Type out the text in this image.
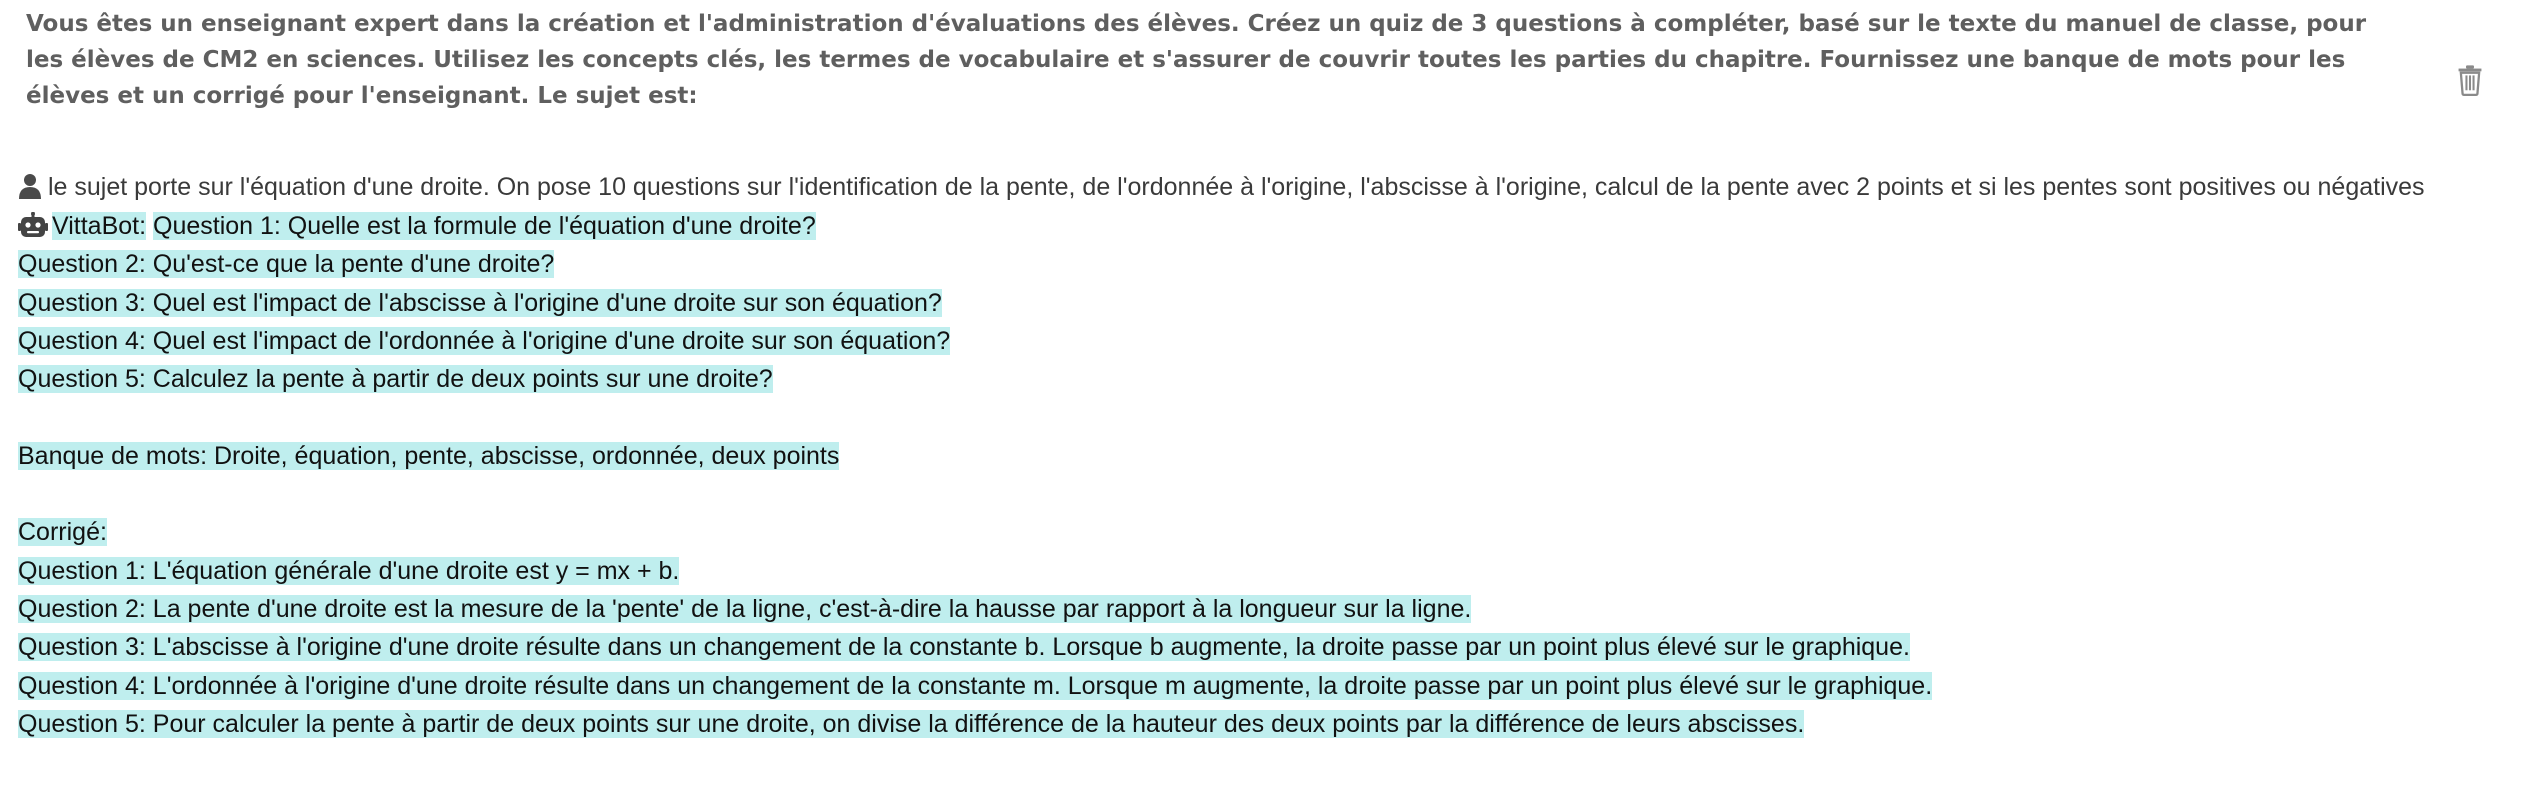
Vous êtes un enseignant expert dans la création et l'administration d'évaluations des élèves. Créez un quiz de 3 questions à compléter, basé sur le texte du manuel de classe, pour les élèves de CM2 en sciences. Utilisez les concepts clés, les termes de vocabulaire et s'assurer de couvrir toutes les parties du chapitre. Fournissez une banque de mots pour les élèves et un corrigé pour l'enseignant. Le sujet est:

le sujet porte sur l'équation d'une droite. On pose 10 questions sur l'identification de la pente, de l'ordonnée à l'origine, l'abscisse à l'origine, calcul de la pente avec 2 points et si les pentes sont positives ou négatives
VittaBot: Question 1: Quelle est la formule de l'équation d'une droite?
Question 2: Qu'est-ce que la pente d'une droite?
Question 3: Quel est l'impact de l'abscisse à l'origine d'une droite sur son équation?
Question 4: Quel est l'impact de l'ordonnée à l'origine d'une droite sur son équation?
Question 5: Calculez la pente à partir de deux points sur une droite?
Banque de mots: Droite, équation, pente, abscisse, ordonnée, deux points
Corrigé:
Question 1: L'équation générale d'une droite est y = mx + b.
Question 2: La pente d'une droite est la mesure de la 'pente' de la ligne, c'est-à-dire la hausse par rapport à la longueur sur la ligne.
Question 3: L'abscisse à l'origine d'une droite résulte dans un changement de la constante b. Lorsque b augmente, la droite passe par un point plus élevé sur le graphique.
Question 4: L'ordonnée à l'origine d'une droite résulte dans un changement de la constante m. Lorsque m augmente, la droite passe par un point plus élevé sur le graphique.
Question 5: Pour calculer la pente à partir de deux points sur une droite, on divise la différence de la hauteur des deux points par la différence de leurs abscisses.
